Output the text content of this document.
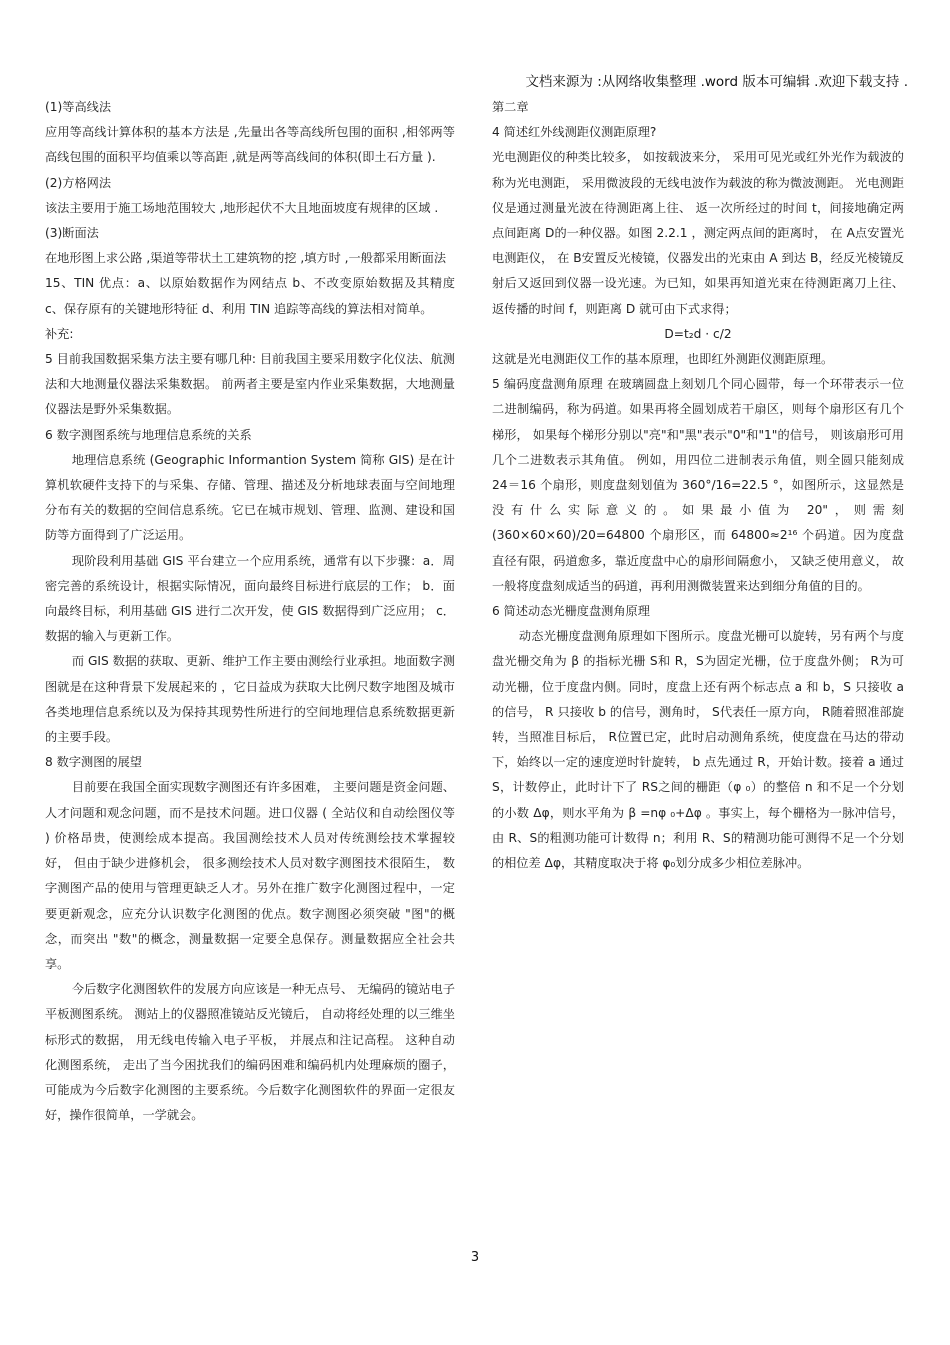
文档来源为 :从网络收集整理 .word 版本可编辑 .欢迎下载支持 .

(1)等高线法

应用等高线计算体积的基本方法是 ,先量出各等高线所包围的面积 ,相邻两等高线包围的面积平均值乘以等高距 ,就是两等高线间的体积(即土石方量 ).

(2)方格网法

该法主要用于施工场地范围较大 ,地形起伏不大且地面坡度有规律的区域 .

(3)断面法

在地形图上求公路 ,渠道等带状土工建筑物的挖 ,填方时 ,一般都采用断面法

15、TIN 优点：a、以原始数据作为网结点 b、不改变原始数据及其精度 c、保存原有的关键地形特征 d、利用 TIN 追踪等高线的算法相对简单。

补充:

5 目前我国数据采集方法主要有哪几种: 目前我国主要采用数字化仪法、航测法和大地测量仪器法采集数据。 前两者主要是室内作业采集数据，大地测量仪器法是野外采集数据。

6 数字测图系统与地理信息系统的关系

地理信息系统 (Geographic Informantion System 简称 GIS) 是在计算机软硬件支持下的与采集、存储、管理、描述及分析地球表面与空间地理分布有关的数据的空间信息系统。它已在城市规划、管理、监测、建设和国防等方面得到了广泛运用。

现阶段利用基础 GIS 平台建立一个应用系统，通常有以下步骤：a．周密完善的系统设计，根据实际情况，面向最终目标进行底层的工作； b．面向最终目标，利用基础 GIS 进行二次开发，使 GIS 数据得到广泛应用； c．数据的输入与更新工作。

而 GIS 数据的获取、更新、维护工作主要由测绘行业承担。地面数字测图就是在这种背景下发展起来的 ，它日益成为获取大比例尺数字地图及城市各类地理信息系统以及为保持其现势性所进行的空间地理信息系统数据更新的主要手段。

8 数字测图的展望

目前要在我国全面实现数字测图还有许多困难， 主要问题是资金问题、人才问题和观念问题，而不是技术问题。进口仪器 ( 全站仪和自动绘图仪等 ) 价格昂贵，使测绘成本提高。我国测绘技术人员对传统测绘技术掌握较好， 但由于缺少进修机会， 很多测绘技术人员对数字测图技术很陌生， 数字测图产品的使用与管理更缺乏人才。另外在推广数字化测图过程中，一定要更新观念，应充分认识数字化测图的优点。数字测图必须突破 "图"的概念，而突出 "数"的概念，测量数据一定要全息保存。测量数据应全社会共享。

今后数字化测图软件的发展方向应该是一种无点号、 无编码的镜站电子平板测图系统。 测站上的仪器照准镜站反光镜后， 自动将经处理的以三维坐标形式的数据， 用无线电传输入电子平板， 并展点和注记高程。 这种自动化测图系统， 走出了当今困扰我们的编码困难和编码机内处理麻烦的圈子， 可能成为今后数字化测图的主要系统。今后数字化测图软件的界面一定很友好，操作很简单，一学就会。

第二章

4 简述红外线测距仪测距原理?

光电测距仪的种类比较多， 如按载波来分， 采用可见光或红外光作为载波的称为光电测距， 采用微波段的无线电波作为载波的称为微波测距。 光电测距仪是通过测量光波在待测距离上往、 返一次所经过的时间 t，间接地确定两点间距离 D的一种仪器。如图 2.2.1 ，测定两点间的距离时， 在 A点安置光电测距仪， 在 B安置反光棱镜，仪器发出的光束由 A 到达 B，经反光棱镜反射后又返回到仪器一设光速。为已知，如果再知道光束在待测距离刀上往、返传播的时间 f，则距离 D 就可由下式求得；

D=t₂d · c/2

这就是光电测距仪工作的基本原理，也即红外测距仪测距原理。

5 编码度盘测角原理 在玻璃圆盘上刻划几个同心圆带，每一个环带表示一位二进制编码，称为码道。如果再将全圆划成若干扇区，则每个扇形区有几个梯形， 如果每个梯形分别以"亮"和"黑"表示"0"和"1"的信号， 则该扇形可用几个二进数表示其角值。 例如，用四位二进制表示角值，则全圆只能刻成 24＝16 个扇形，则度盘刻划值为 360°/16=22.5 °，如图所示，这显然是没有什么实际意义的。如果最小值为 20"，则需刻 (360×60×60)/20=64800 个扇形区，而 64800≈2¹⁶ 个码道。因为度盘直径有限，码道愈多，靠近度盘中心的扇形间隔愈小， 又缺乏使用意义， 故一般将度盘刻成适当的码道，再利用测微装置来达到细分角值的目的。

6 简述动态光栅度盘测角原理

动态光栅度盘测角原理如下图所示。度盘光栅可以旋转，另有两个与度盘光栅交角为 β 的指标光栅 S和 R，S为固定光栅，位于度盘外侧； R为可动光栅，位于度盘内侧。同时，度盘上还有两个标志点 a 和 b，S 只接收 a的信号， R 只接收 b 的信号，测角时， S代表任一原方向， R随着照准部旋转，当照准目标后， R位置已定，此时启动测角系统，使度盘在马达的带动下，始终以一定的速度逆时针旋转， b 点先通过 R，开始计数。接着 a 通过 S，计数停止，此时计下了 RS之间的栅距（φ ₀）的整倍 n 和不足一个分划的小数 Δφ，则水平角为 β =nφ ₀+Δφ 。事实上，每个栅格为一脉冲信号，由 R、S的粗测功能可计数得 n；利用 R、S的精测功能可测得不足一个分划的相位差 Δφ，其精度取决于将 φ₀划分成多少相位差脉冲。

3
